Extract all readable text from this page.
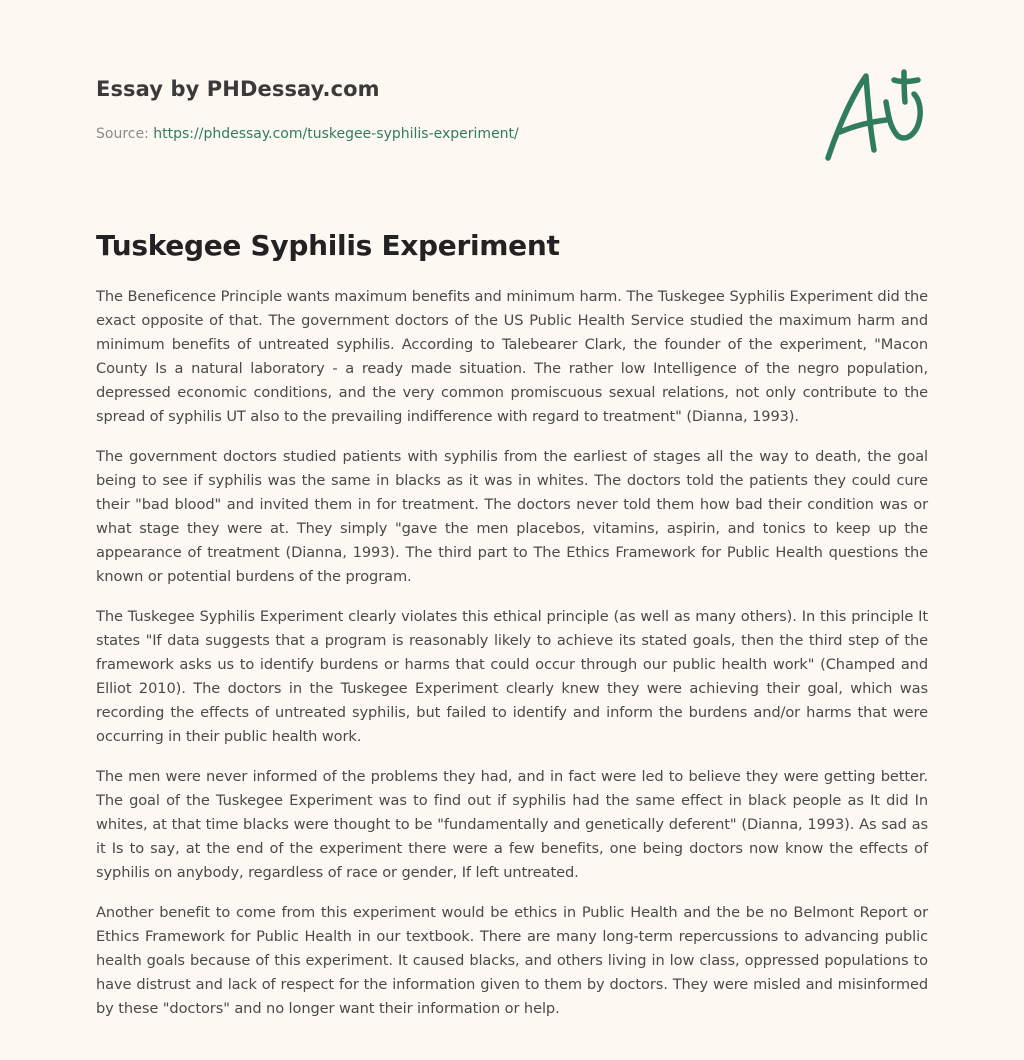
Essay by PHDessay.com
Source: https://phdessay.com/tuskegee-syphilis-experiment/
Tuskegee Syphilis Experiment

The Beneficence Principle wants maximum benefits and minimum harm. The Tuskegee Syphilis Experiment did the exact opposite of that. The government doctors of the US Public Health Service studied the maximum harm and minimum benefits of untreated syphilis. According to Talebearer Clark, the founder of the experiment, "Macon County Is a natural laboratory - a ready made situation. The rather low Intelligence of the negro population, depressed economic conditions, and the very common promiscuous sexual relations, not only contribute to the spread of syphilis UT also to the prevailing indifference with regard to treatment" (Dianna, 1993).

The government doctors studied patients with syphilis from the earliest of stages all the way to death, the goal being to see if syphilis was the same in blacks as it was in whites. The doctors told the patients they could cure their "bad blood" and invited them in for treatment. The doctors never told them how bad their condition was or what stage they were at. They simply "gave the men placebos, vitamins, aspirin, and tonics to keep up the appearance of treatment (Dianna, 1993). The third part to The Ethics Framework for Public Health questions the known or potential burdens of the program.

The Tuskegee Syphilis Experiment clearly violates this ethical principle (as well as many others). In this principle It states "If data suggests that a program is reasonably likely to achieve its stated goals, then the third step of the framework asks us to identify burdens or harms that could occur through our public health work" (Champed and Elliot 2010). The doctors in the Tuskegee Experiment clearly knew they were achieving their goal, which was recording the effects of untreated syphilis, but failed to identify and inform the burdens and/or harms that were occurring in their public health work.

The men were never informed of the problems they had, and in fact were led to believe they were getting better. The goal of the Tuskegee Experiment was to find out if syphilis had the same effect in black people as It did In whites, at that time blacks were thought to be "fundamentally and genetically deferent" (Dianna, 1993). As sad as it Is to say, at the end of the experiment there were a few benefits, one being doctors now know the effects of syphilis on anybody, regardless of race or gender, If left untreated.

Another benefit to come from this experiment would be ethics in Public Health and the be no Belmont Report or Ethics Framework for Public Health in our textbook. There are many long-term repercussions to advancing public health goals because of this experiment. It caused blacks, and others living in low class, oppressed populations to have distrust and lack of respect for the information given to them by doctors. They were misled and misinformed by these "doctors" and no longer want their information or help.
